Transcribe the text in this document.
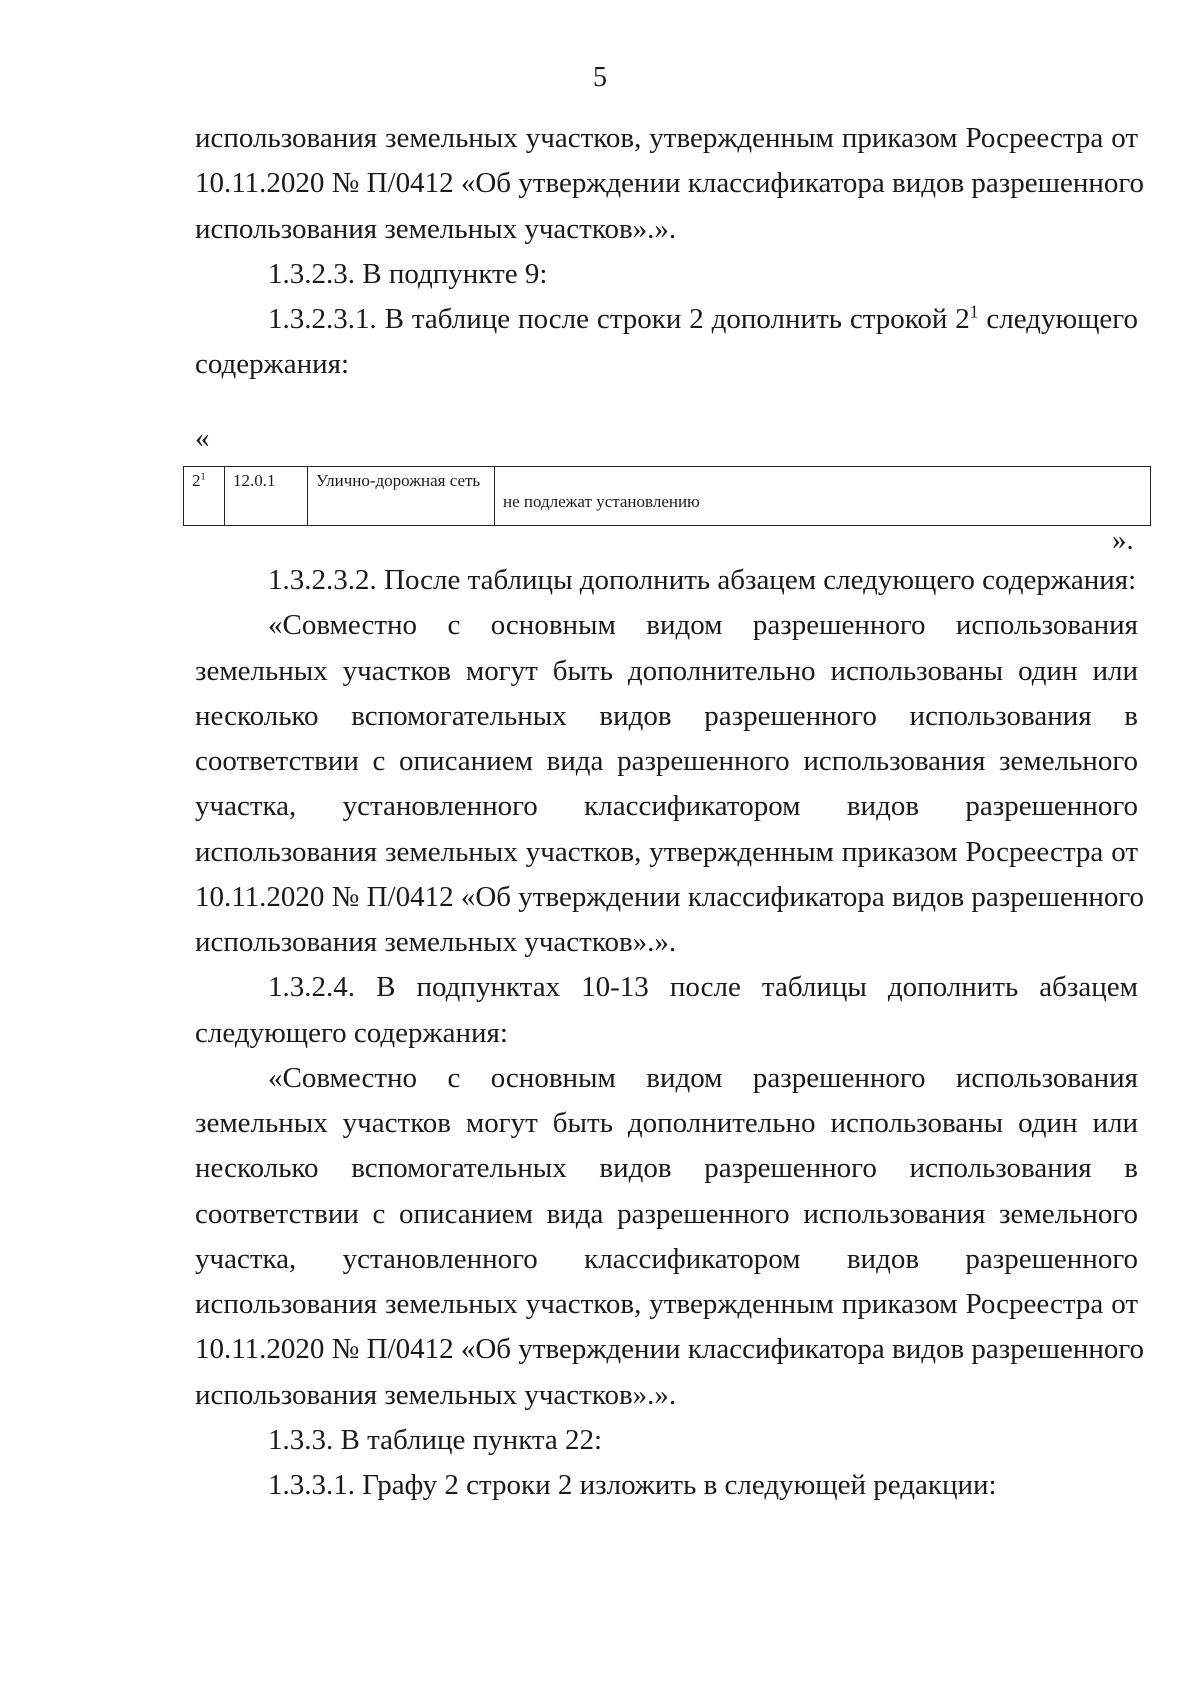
5
использования земельных участков, утвержденным приказом Росреестра от
10.11.2020 № П/0412 «Об утверждении классификатора видов разрешенного
использования земельных участков».».
1.3.2.3. В подпункте 9:
1.3.2.3.1. В таблице после строки 2 дополнить строкой $2^1$ следующего
содержания:
«
$2^1$	12.0.1	Улично-дорожная сеть	не подлежат установлению
».
1.3.2.3.2. После таблицы дополнить абзацем следующего содержания:
«Совместно с основным видом разрешенного использования
земельных участков могут быть дополнительно использованы один или
несколько вспомогательных видов разрешенного использования в
соответствии с описанием вида разрешенного использования земельного
участка, установленного классификатором видов разрешенного
использования земельных участков, утвержденным приказом Росреестра от
10.11.2020 № П/0412 «Об утверждении классификатора видов разрешенного
использования земельных участков».».
1.3.2.4. В подпунктах 10-13 после таблицы дополнить абзацем
следующего содержания:
«Совместно с основным видом разрешенного использования
земельных участков могут быть дополнительно использованы один или
несколько вспомогательных видов разрешенного использования в
соответствии с описанием вида разрешенного использования земельного
участка, установленного классификатором видов разрешенного
использования земельных участков, утвержденным приказом Росреестра от
10.11.2020 № П/0412 «Об утверждении классификатора видов разрешенного
использования земельных участков».».
1.3.3. В таблице пункта 22:
1.3.3.1. Графу 2 строки 2 изложить в следующей редакции:
